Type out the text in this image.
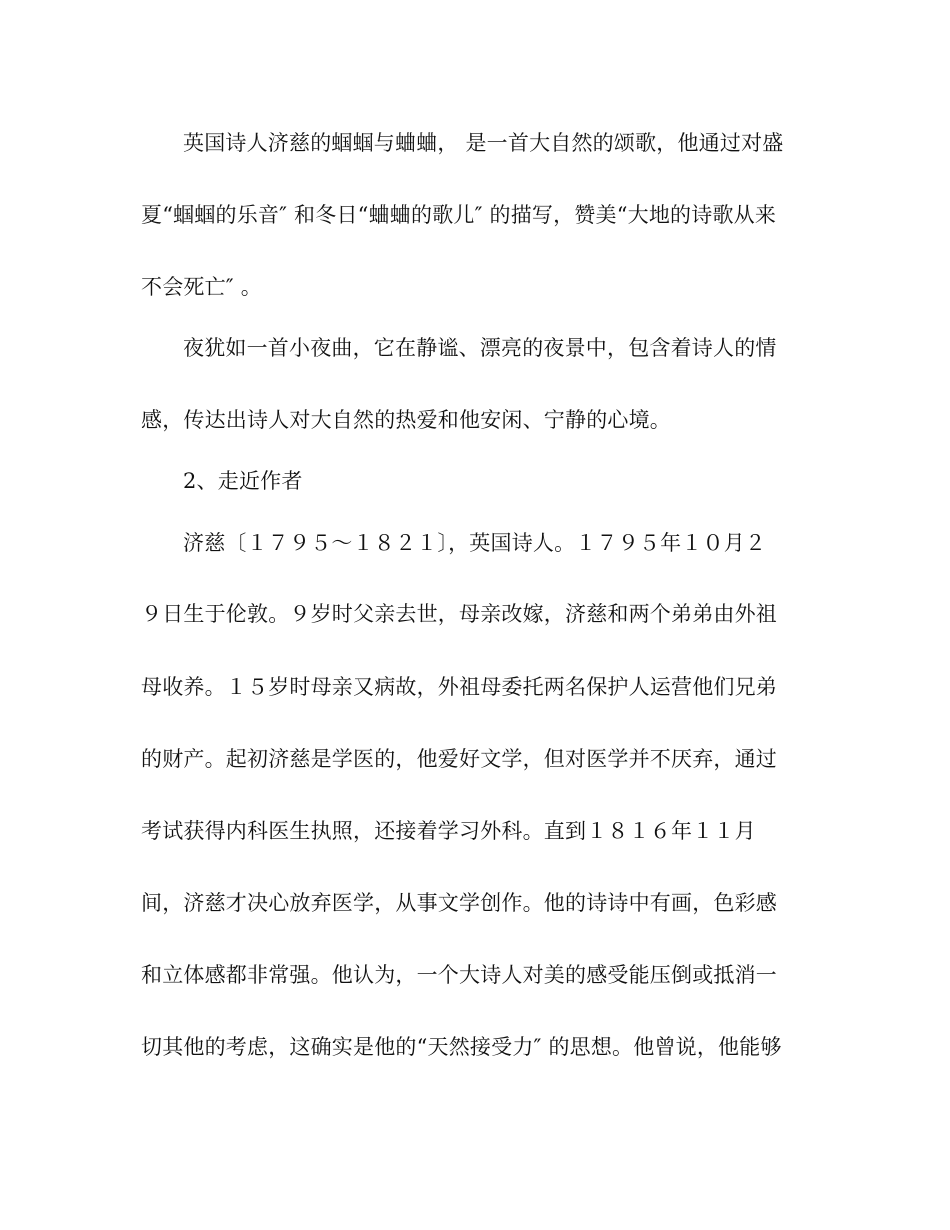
英国诗人济慈的蝈蝈与蛐蛐， 是一首大自然的颂歌，他通过对盛
夏“蝈蝈的乐音″ 和冬日“蛐蛐的歌儿″ 的描写，赞美“大地的诗歌从来
不会死亡″ 。
夜犹如一首小夜曲，它在静谧、漂亮的夜景中，包含着诗人的情
感，传达出诗人对大自然的热爱和他安闲、宁静的心境。
2、走近作者
济慈〔１７９５～１８２１〕，英国诗人。１７９５年１０月２
９日生于伦敦。９岁时父亲去世，母亲改嫁，济慈和两个弟弟由外祖
母收养。１５岁时母亲又病故，外祖母委托两名保护人运营他们兄弟
的财产。起初济慈是学医的，他爱好文学，但对医学并不厌弃，通过
考试获得内科医生执照，还接着学习外科。直到１８１６年１１月
间，济慈才决心放弃医学，从事文学创作。他的诗诗中有画，色彩感
和立体感都非常强。他认为，一个大诗人对美的感受能压倒或抵消一
切其他的考虑，这确实是他的“天然接受力″ 的思想。他曾说，他能够
